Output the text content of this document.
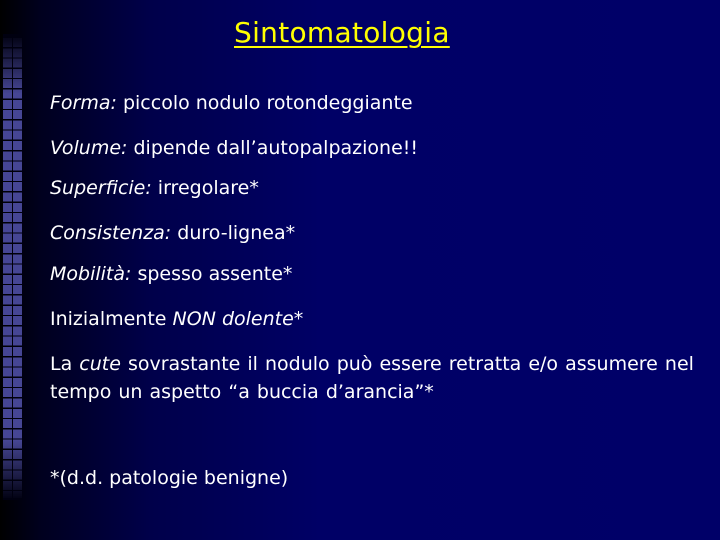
Sintomatologia
Forma: piccolo nodulo rotondeggiante
Volume: dipende dall’autopalpazione!!
Superficie: irregolare*
Consistenza: duro-lignea*
Mobilità: spesso assente*
Inizialmente NON dolente*
La cute sovrastante il nodulo può essere retratta e/o assumere nel tempo un aspetto “a buccia d’arancia”*
*(d.d. patologie benigne)
